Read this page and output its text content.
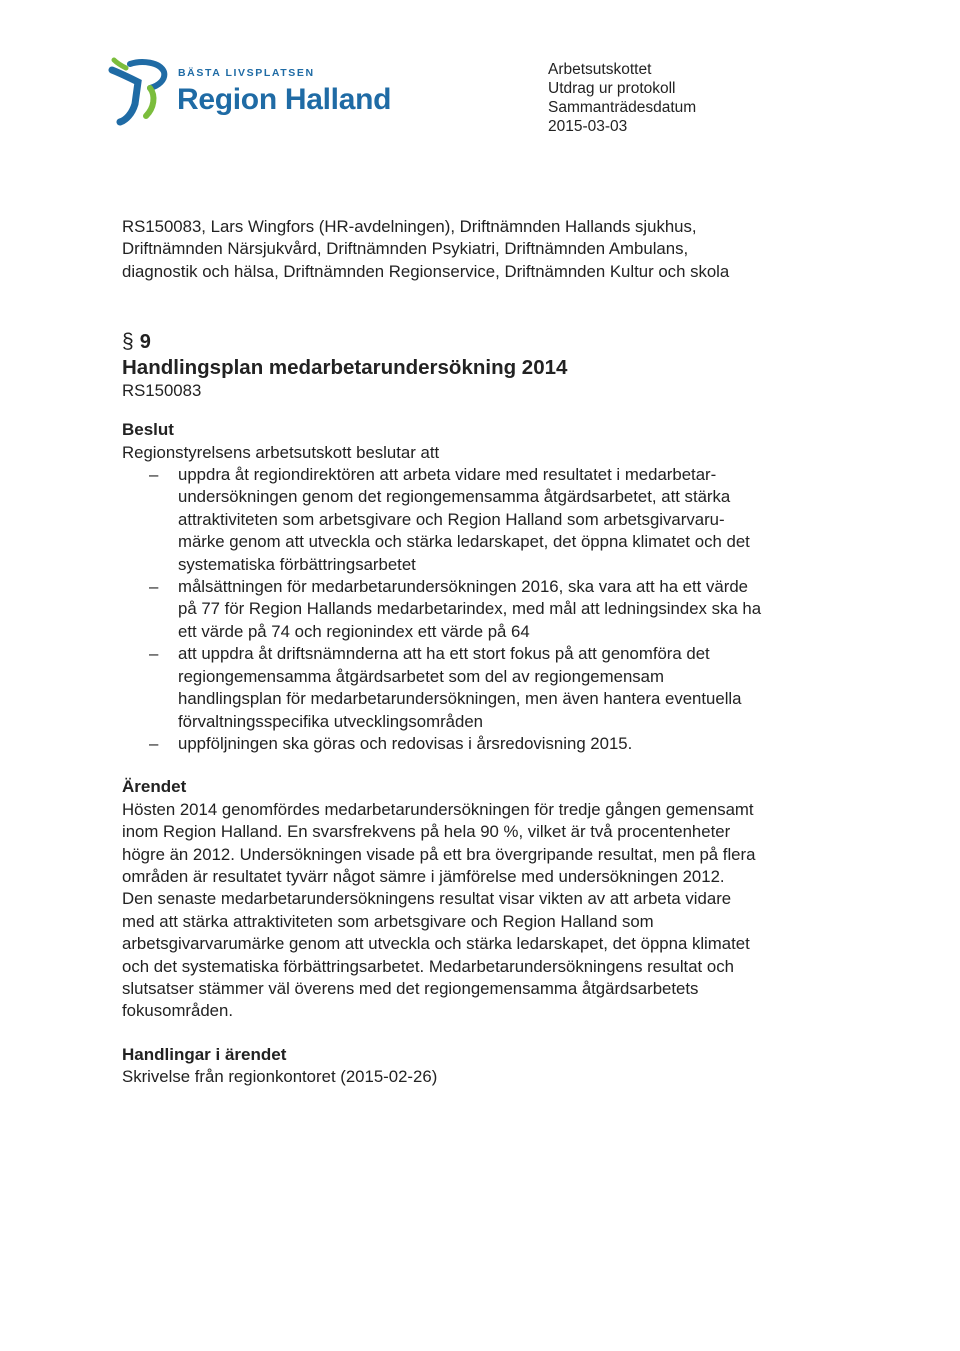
BÄSTA LIVSPLATSEN
Region Halland
Arbetsutskottet
Utdrag ur protokoll
Sammanträdesdatum
2015-03-03
RS150083, Lars Wingfors (HR-avdelningen), Driftnämnden Hallands sjukhus,
Driftnämnden Närsjukvård, Driftnämnden Psykiatri, Driftnämnden Ambulans,
diagnostik och hälsa, Driftnämnden Regionservice, Driftnämnden Kultur och skola
§ 9
Handlingsplan medarbetarundersökning 2014
RS150083
Beslut
Regionstyrelsens arbetsutskott beslutar att
– uppdra åt regiondirektören att arbeta vidare med resultatet i medarbetar-
undersökningen genom det regiongemensamma åtgärdsarbetet, att stärka
attraktiviteten som arbetsgivare och Region Halland som arbetsgivarvaru-
märke genom att utveckla och stärka ledarskapet, det öppna klimatet och det
systematiska förbättringsarbetet
– målsättningen för medarbetarundersökningen 2016, ska vara att ha ett värde
på 77 för Region Hallands medarbetarindex, med mål att ledningsindex ska ha
ett värde på 74 och regionindex ett värde på 64
– att uppdra åt driftsnämnderna att ha ett stort fokus på att genomföra det
regiongemensamma åtgärdsarbetet som del av regiongemensam
handlingsplan för medarbetarundersökningen, men även hantera eventuella
förvaltningsspecifika utvecklingsområden
– uppföljningen ska göras och redovisas i årsredovisning 2015.
Ärendet
Hösten 2014 genomfördes medarbetarundersökningen för tredje gången gemensamt
inom Region Halland. En svarsfrekvens på hela 90 %, vilket är två procentenheter
högre än 2012. Undersökningen visade på ett bra övergripande resultat, men på flera
områden är resultatet tyvärr något sämre i jämförelse med undersökningen 2012.
Den senaste medarbetarundersökningens resultat visar vikten av att arbeta vidare
med att stärka attraktiviteten som arbetsgivare och Region Halland som
arbetsgivarvarumärke genom att utveckla och stärka ledarskapet, det öppna klimatet
och det systematiska förbättringsarbetet. Medarbetarundersökningens resultat och
slutsatser stämmer väl överens med det regiongemensamma åtgärdsarbetets
fokusområden.
Handlingar i ärendet
Skrivelse från regionkontoret (2015-02-26)
